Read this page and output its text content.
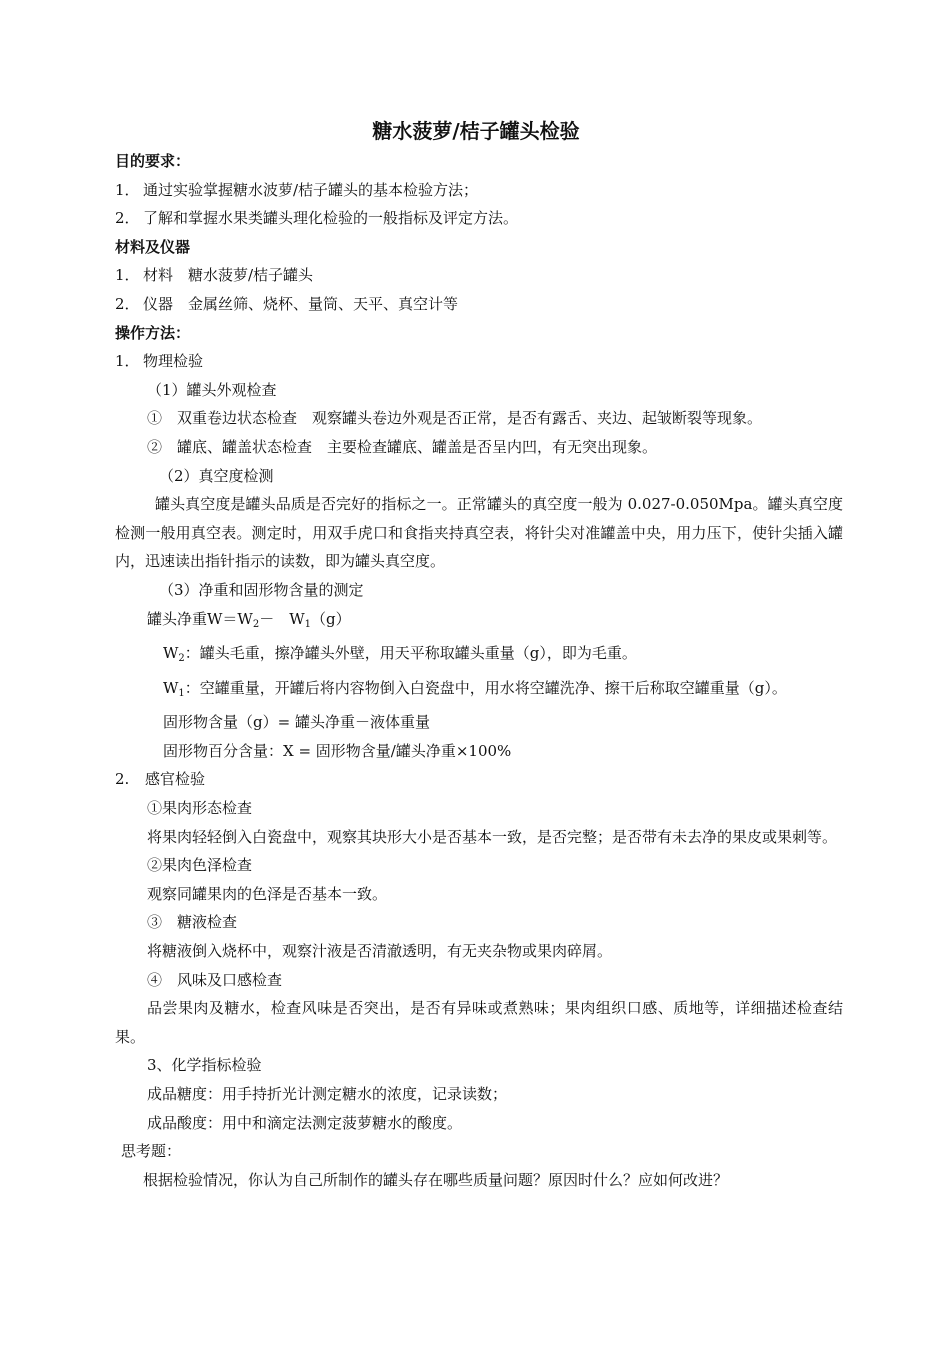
糖水菠萝/桔子罐头检验
目的要求：
1． 通过实验掌握糖水波萝/桔子罐头的基本检验方法；
2． 了解和掌握水果类罐头理化检验的一般指标及评定方法。
材料及仪器
1． 材料　糖水菠萝/桔子罐头
2． 仪器　金属丝筛、烧杯、量筒、天平、真空计等
操作方法：
1． 物理检验
（1）罐头外观检查
①　双重卷边状态检查　观察罐头卷边外观是否正常，是否有露舌、夹边、起皱断裂等现象。
②　罐底、罐盖状态检查　主要检查罐底、罐盖是否呈内凹，有无突出现象。
（2）真空度检测
罐头真空度是罐头品质是否完好的指标之一。正常罐头的真空度一般为 0.027-0.050Mpa。罐头真空度检测一般用真空表。测定时，用双手虎口和食指夹持真空表，将针尖对准罐盖中央，用力压下，使针尖插入罐内，迅速读出指针指示的读数，即为罐头真空度。
（3）净重和固形物含量的测定
罐头净重$W=W_2-$　$W_1(g)$
$W_2$：罐头毛重，擦净罐头外壁，用天平称取罐头重量（g），即为毛重。
$W_1$：空罐重量，开罐后将内容物倒入白瓷盘中，用水将空罐洗净、擦干后称取空罐重量（g）。
固形物含量（g）= 罐头净重－液体重量
固形物百分含量：X = 固形物含量/罐头净重×100%
2. 感官检验
①果肉形态检查
将果肉轻轻倒入白瓷盘中，观察其块形大小是否基本一致，是否完整；是否带有未去净的果皮或果刺等。
②果肉色泽检查
观察同罐果肉的色泽是否基本一致。
③　糖液检查
将糖液倒入烧杯中，观察汁液是否清澈透明，有无夹杂物或果肉碎屑。
④　风味及口感检查
品尝果肉及糖水，检查风味是否突出，是否有异味或煮熟味；果肉组织口感、质地等，详细描述检查结果。
3、化学指标检验
成品糖度：用手持折光计测定糖水的浓度，记录读数；
成品酸度：用中和滴定法测定菠萝糖水的酸度。
思考题：
根据检验情况，你认为自己所制作的罐头存在哪些质量问题？原因时什么？应如何改进？
